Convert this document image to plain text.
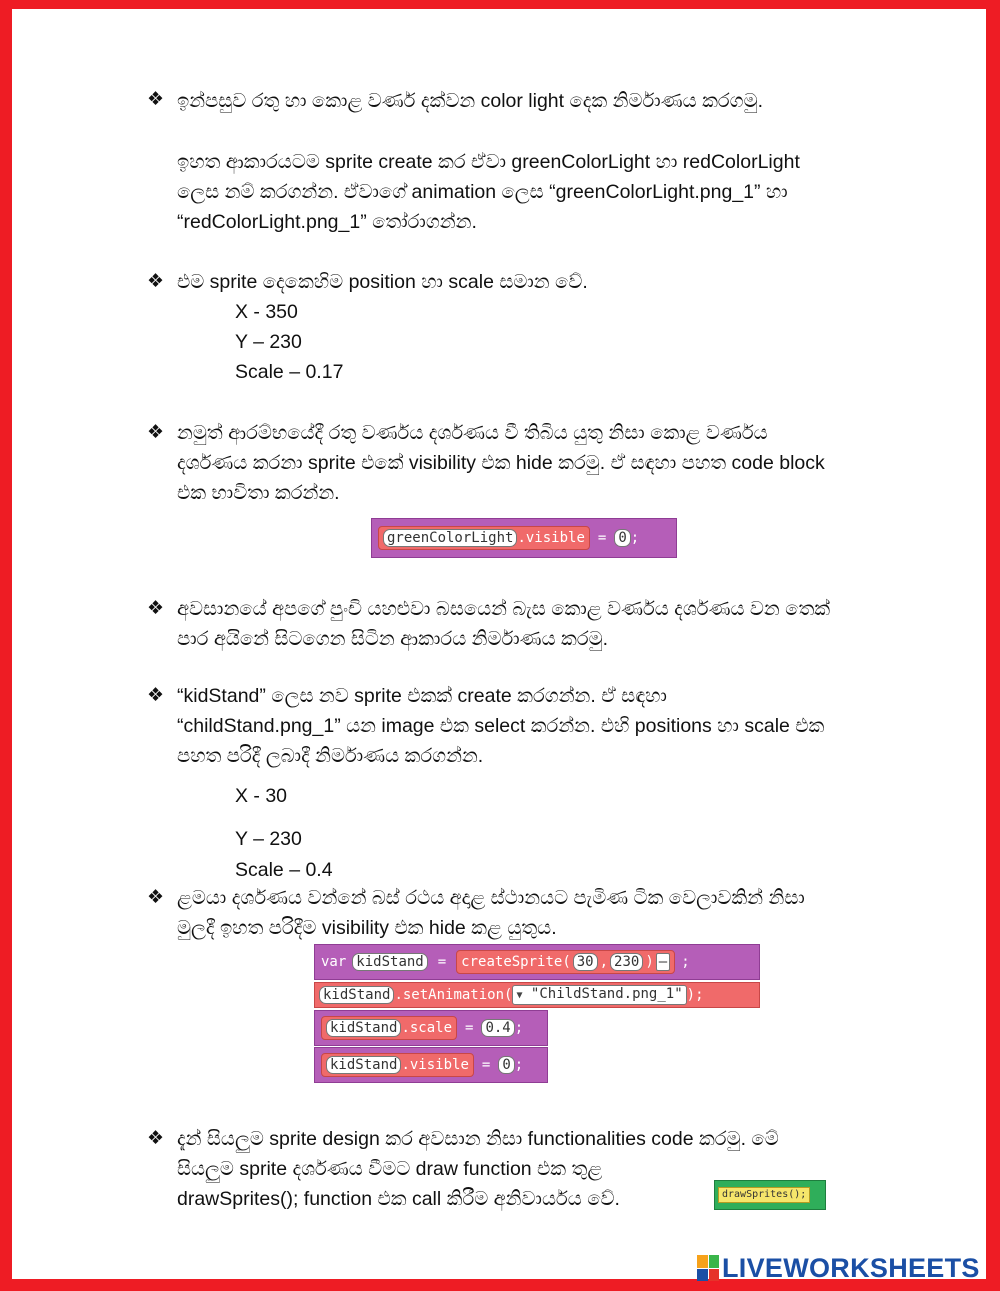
❖ ඉන්පසුව රතු හා කොළ වර්ණ දක්වන color light දෙක නිර්මාණය කරගමු.
ඉහත ආකාරයටම sprite create කර ඒවා greenColorLight හා redColorLight
ලෙස නම් කරගන්න. ඒවාගේ animation ලෙස “greenColorLight.png_1” හා
“redColorLight.png_1” තෝරාගන්න.
❖ එම sprite දෙකෙහිම position හා scale සමාන වේ.
X - 350
Y – 230
Scale – 0.17
❖ නමුත් ආරම්භයේදී රතු වර්ණය දර්ශණය වී තිබිය යුතු නිසා කොළ වර්ණය
දර්ශණය කරනා sprite එකේ visibility එක hide කරමු. ඒ සඳහා පහත code block
එක භාවිතා කරන්න.
greenColorLight .visible = 0 ;
❖ අවසානයේ අපගේ පුංචි යහළුවා බසයෙන් බැස කොළ වර්ණය දර්ශණය වන තෙක්
පාර අයිනේ සිටගෙන සිටින ආකාරය නිර්මාණය කරමු.
❖ “kidStand” ලෙස නව sprite එකක් create කරගන්න. ඒ සඳහා
“childStand.png_1” යන image එක select කරන්න. එහි positions හා scale එක
පහත පරිදී ලබාදී නිර්මාණය කරගන්න.
X - 30
Y – 230
Scale – 0.4
❖ ළමයා දර්ශණය වන්නේ බස් රථය අදාළ ස්ථානයට පැමිණ ටික වෙලාවකින් නිසා
මුලදී ඉහත පරිදීම visibility එක hide කළ යුතුය.
var kidStand = createSprite( 30 , 230 ) – ;
kidStand .setAnimation( ▼ "ChildStand.png_1" );
kidStand .scale = 0.4 ;
kidStand .visible = 0 ;
❖ දැන් සියලුම sprite design කර අවසාන නිසා functionalities code කරමු. මේ
සියලුම sprite දර්ශණය වීමට draw function එක තුළ
drawSprites(); function එක call කිරීම අනිවාර්යය වේ.	drawSprites();
LIVEWORKSHEETS
